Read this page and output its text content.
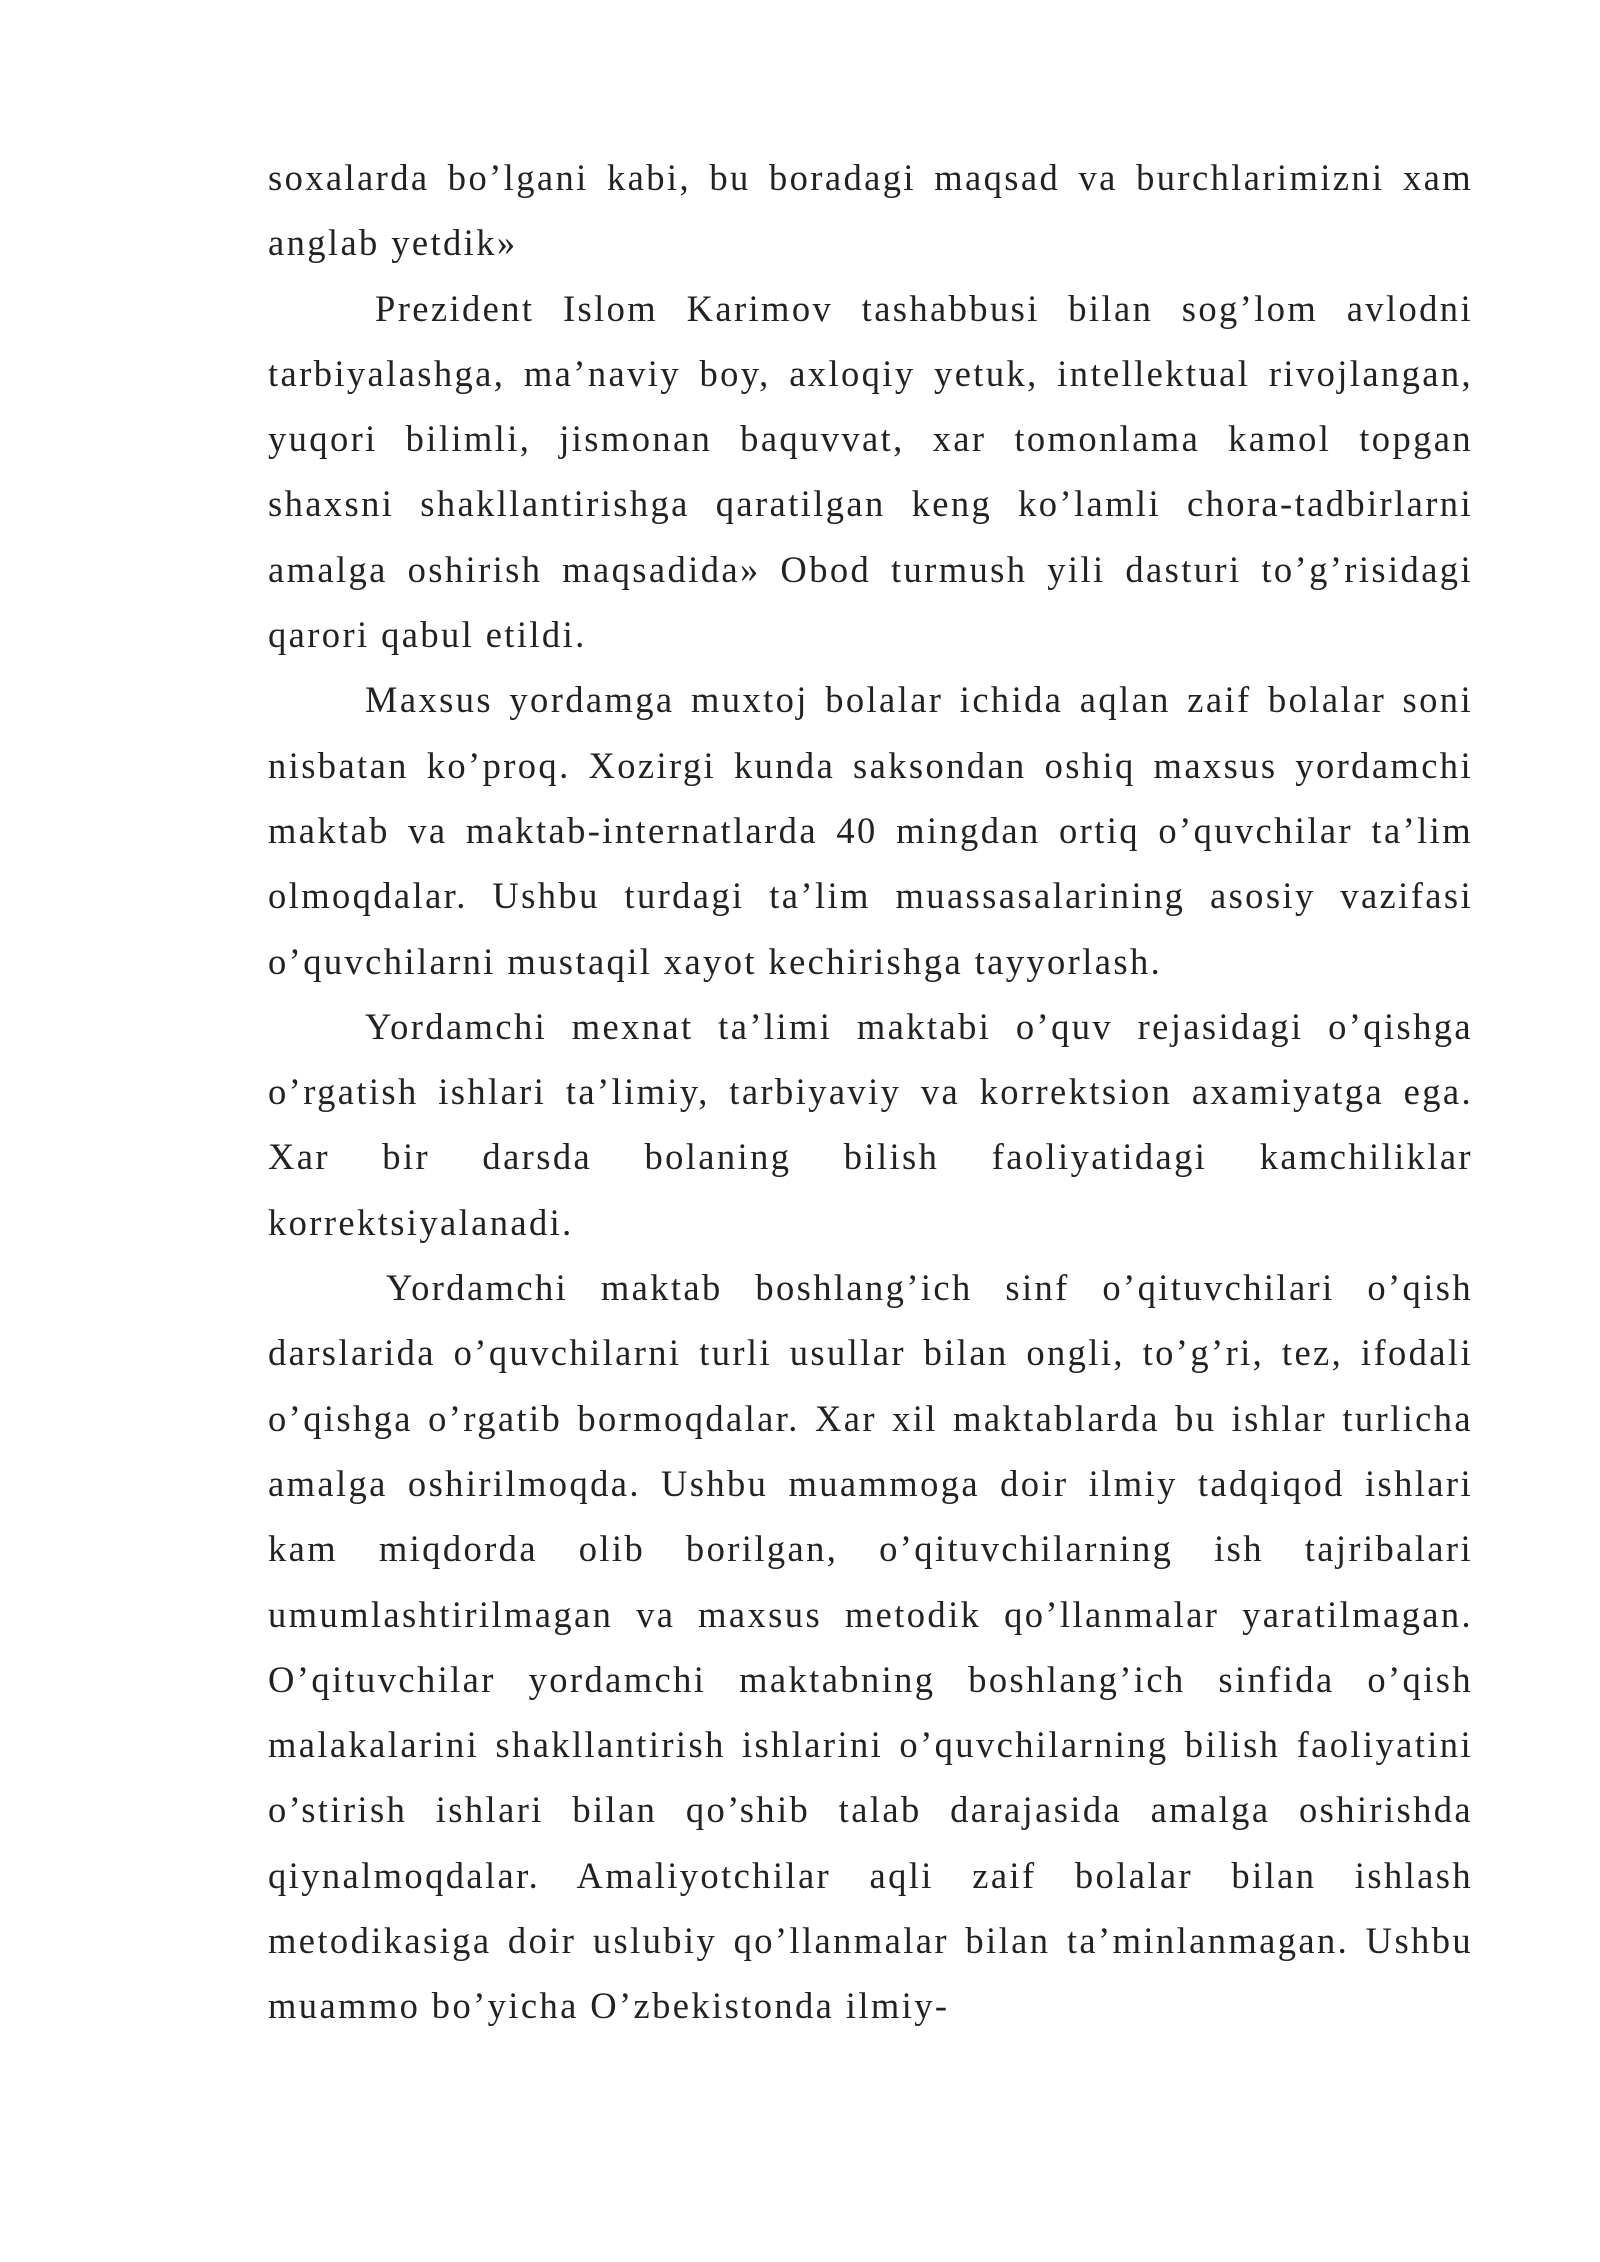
soxalarda bo’lgani kabi, bu boradagi maqsad va burchlarimizni xam anglab yetdik»

Prezident Islom Karimov tashabbusi bilan sog’lom avlodni tarbiyalashga, ma’naviy boy, axloqiy yetuk, intellektual rivojlangan, yuqori bilimli, jismonan baquvvat, xar tomonlama kamol topgan shaxsni shakllantirishga qaratilgan keng ko’lamli chora-tadbirlarni amalga oshirish maqsadida» Obod turmush yili dasturi to’g’risidagi qarori qabul etildi.

Maxsus yordamga muxtoj bolalar ichida aqlan zaif bolalar soni nisbatan ko’proq. Xozirgi kunda saksondan oshiq maxsus yordamchi maktab va maktab-internatlarda 40 mingdan ortiq o’quvchilar ta’lim olmoqdalar. Ushbu turdagi ta’lim muassasalarining asosiy vazifasi o’quvchilarni mustaqil xayot kechirishga tayyorlash.

Yordamchi mexnat ta’limi maktabi o’quv rejasidagi o’qishga o’rgatish ishlari ta’limiy, tarbiyaviy va korrektsion axamiyatga ega. Xar bir darsda bolaning bilish faoliyatidagi kamchiliklar korrektsiyalanadi.

Yordamchi maktab boshlang’ich sinf o’qituvchilari o’qish darslarida o’quvchilarni turli usullar bilan ongli, to’g’ri, tez, ifodali o’qishga o’rgatib bormoqdalar. Xar xil maktablarda bu ishlar turlicha amalga oshirilmoqda. Ushbu muammoga doir ilmiy tadqiqod ishlari kam miqdorda olib borilgan, o’qituvchilarning ish tajribalari umumlashtirilmagan va maxsus metodik qo’llanmalar yaratilmagan. O’qituvchilar yordamchi maktabning boshlang’ich sinfida o’qish malakalarini shakllantirish ishlarini o’quvchilarning bilish faoliyatini o’stirish ishlari bilan qo’shib talab darajasida amalga oshirishda qiynalmoqdalar. Amaliyotchilar aqli zaif bolalar bilan ishlash metodikasiga doir uslubiy qo’llanmalar bilan ta’minlanmagan. Ushbu muammo bo’yicha O’zbekistonda ilmiy-
